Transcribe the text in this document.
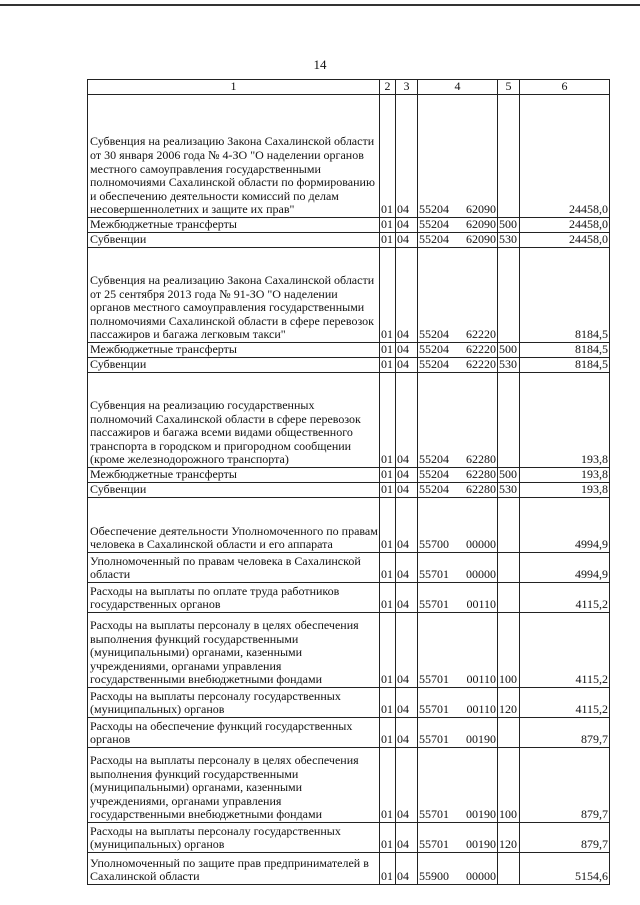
14
1	2	3	4	5	6
Субвенция на реализацию Закона Сахалинской области от 30 января 2006 года № 4-ЗО "О наделении органов местного самоуправления государственными полномочиями Сахалинской области по формированию и обеспечению деятельности комиссий по делам несовершеннолетних и защите их прав"	01	04	55204 62090		24458,0
Межбюджетные трансферты	01	04	55204 62090	500	24458,0
Субвенции	01	04	55204 62090	530	24458,0
Субвенция на реализацию Закона Сахалинской области от 25 сентября 2013 года № 91-ЗО "О наделении органов местного самоуправления государственными полномочиями Сахалинской области в сфере перевозок пассажиров и багажа легковым такси"	01	04	55204 62220		8184,5
Межбюджетные трансферты	01	04	55204 62220	500	8184,5
Субвенции	01	04	55204 62220	530	8184,5
Субвенция на реализацию государственных полномочий Сахалинской области в сфере перевозок пассажиров и багажа всеми видами общественного транспорта в городском и пригородном сообщении (кроме железнодорожного транспорта)	01	04	55204 62280		193,8
Межбюджетные трансферты	01	04	55204 62280	500	193,8
Субвенции	01	04	55204 62280	530	193,8
Обеспечение деятельности Уполномоченного по правам человека в Сахалинской области и его аппарата	01	04	55700 00000		4994,9
Уполномоченный по правам человека в Сахалинской области	01	04	55701 00000		4994,9
Расходы на выплаты по оплате труда работников государственных органов	01	04	55701 00110		4115,2
Расходы на выплаты персоналу в целях обеспечения выполнения функций государственными (муниципальными) органами, казенными учреждениями, органами управления государственными внебюджетными фондами	01	04	55701 00110	100	4115,2
Расходы на выплаты персоналу государственных (муниципальных) органов	01	04	55701 00110	120	4115,2
Расходы на обеспечение функций государственных органов	01	04	55701 00190		879,7
Расходы на выплаты персоналу в целях обеспечения выполнения функций государственными (муниципальными) органами, казенными учреждениями, органами управления государственными внебюджетными фондами	01	04	55701 00190	100	879,7
Расходы на выплаты персоналу государственных (муниципальных) органов	01	04	55701 00190	120	879,7
Уполномоченный по защите прав предпринимателей в Сахалинской области	01	04	55900 00000		5154,6
